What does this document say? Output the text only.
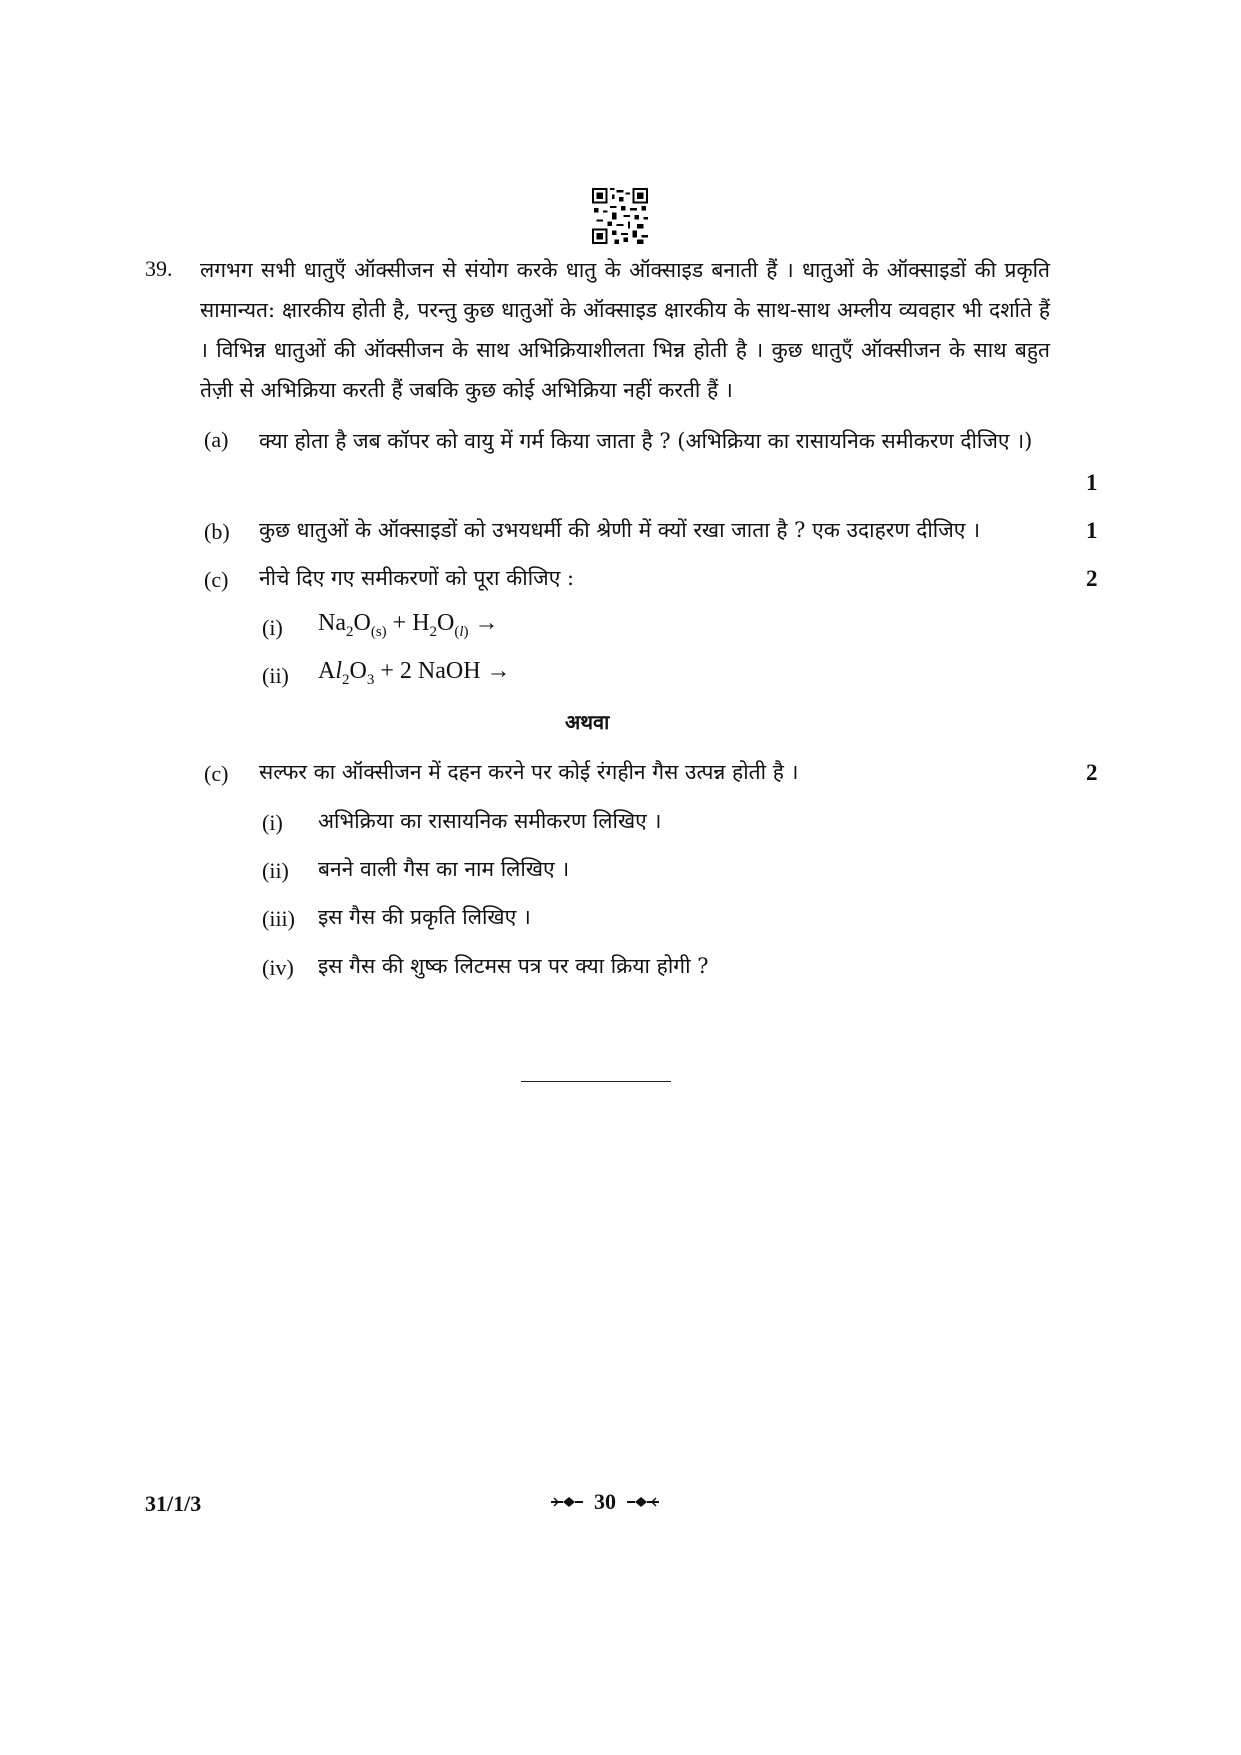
39. लगभग सभी धातुएँ ऑक्सीजन से संयोग करके धातु के ऑक्साइड बनाती हैं । धातुओं के ऑक्साइडों की प्रकृति सामान्यत: क्षारकीय होती है, परन्तु कुछ धातुओं के ऑक्साइड क्षारकीय के साथ-साथ अम्लीय व्यवहार भी दर्शाते हैं । विभिन्न धातुओं की ऑक्सीजन के साथ अभिक्रियाशीलता भिन्न होती है । कुछ धातुएँ ऑक्सीजन के साथ बहुत तेज़ी से अभिक्रिया करती हैं जबकि कुछ कोई अभिक्रिया नहीं करती हैं ।
(a) क्या होता है जब कॉपर को वायु में गर्म किया जाता है ? (अभिक्रिया का रासायनिक समीकरण दीजिए ।)
1
(b) कुछ धातुओं के ऑक्साइडों को उभयधर्मी की श्रेणी में क्यों रखा जाता है ? एक उदाहरण दीजिए ।	1
(c) नीचे दिए गए समीकरणों को पूरा कीजिए :	2
(i) $Na_2O_{(s)} + H_2O_{(l)}$ →
(ii) $Al_2O_3 + 2$ NaOH →
अथवा
(c) सल्फर का ऑक्सीजन में दहन करने पर कोई रंगहीन गैस उत्पन्न होती है ।	2
(i) अभिक्रिया का रासायनिक समीकरण लिखिए ।
(ii) बनने वाली गैस का नाम लिखिए ।
(iii) इस गैस की प्रकृति लिखिए ।
(iv) इस गैस की शुष्क लिटमस पत्र पर क्या क्रिया होगी ?
31/1/3	30
